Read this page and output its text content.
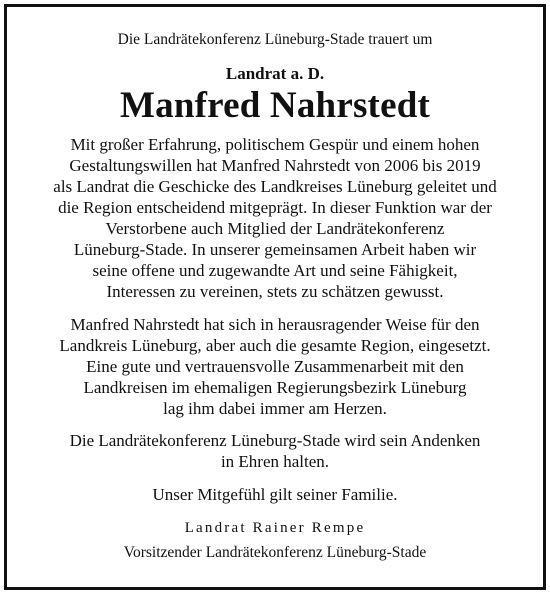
Die Landrätekonferenz Lüneburg-Stade trauert um
Landrat a. D.
Manfred Nahrstedt
Mit großer Erfahrung, politischem Gespür und einem hohen
Gestaltungswillen hat Manfred Nahrstedt von 2006 bis 2019
als Landrat die Geschicke des Landkreises Lüneburg geleitet und
die Region entscheidend mitgeprägt. In dieser Funktion war der
Verstorbene auch Mitglied der Landrätekonferenz
Lüneburg-Stade. In unserer gemeinsamen Arbeit haben wir
seine offene und zugewandte Art und seine Fähigkeit,
Interessen zu vereinen, stets zu schätzen gewusst.
Manfred Nahrstedt hat sich in herausragender Weise für den
Landkreis Lüneburg, aber auch die gesamte Region, eingesetzt.
Eine gute und vertrauensvolle Zusammenarbeit mit den
Landkreisen im ehemaligen Regierungsbezirk Lüneburg
lag ihm dabei immer am Herzen.
Die Landrätekonferenz Lüneburg-Stade wird sein Andenken
in Ehren halten.
Unser Mitgefühl gilt seiner Familie.
Landrat Rainer Rempe
Vorsitzender Landrätekonferenz Lüneburg-Stade
